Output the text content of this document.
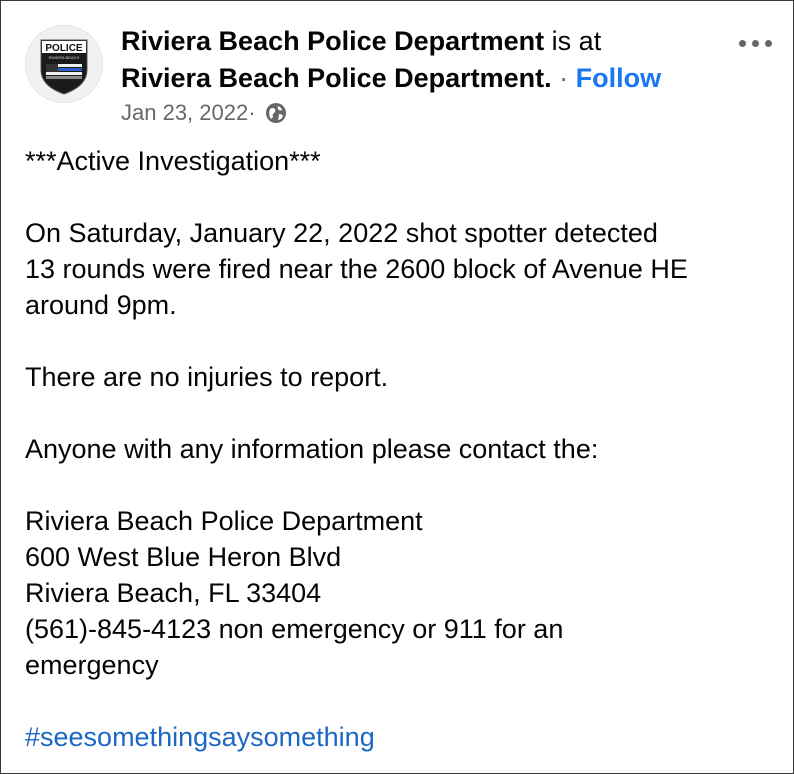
POLICE
RIVIERA BEACH
Riviera Beach Police Department is at
Riviera Beach Police Department. · Follow
Jan 23, 2022 ·

***Active Investigation***

On Saturday, January 22, 2022 shot spotter detected

13 rounds were fired near the 2600 block of Avenue HE

around 9pm.

There are no injuries to report.

Anyone with any information please contact the:

Riviera Beach Police Department

600 West Blue Heron Blvd

Riviera Beach, FL 33404

(561)-845-4123 non emergency or 911 for an

emergency

#seesomethingsaysomething
